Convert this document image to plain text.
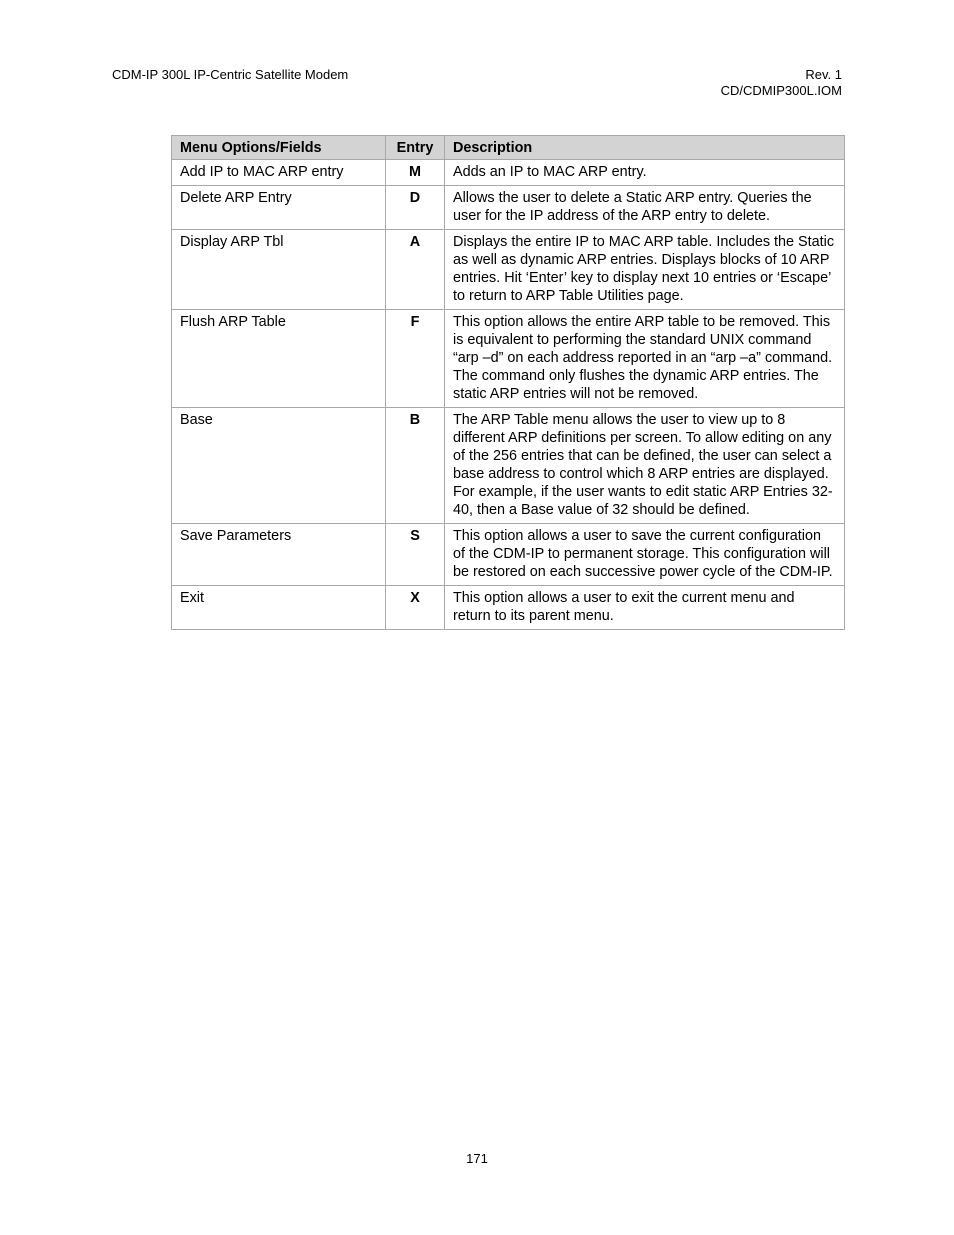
CDM-IP 300L IP-Centric Satellite Modem	Rev. 1
CD/CDMIP300L.IOM
Menu Options/Fields	Entry	Description
Add IP to MAC ARP entry	M	Adds an IP to MAC ARP entry.
Delete ARP Entry	D	Allows the user to delete a Static ARP entry. Queries the user for the IP address of the ARP entry to delete.
Display ARP Tbl	A	Displays the entire IP to MAC ARP table. Includes the Static as well as dynamic ARP entries. Displays blocks of 10 ARP entries. Hit ‘Enter’ key to display next 10 entries or ‘Escape’ to return to ARP Table Utilities page.
Flush ARP Table	F	This option allows the entire ARP table to be removed. This is equivalent to performing the standard UNIX command “arp –d” on each address reported in an “arp –a” command. The command only flushes the dynamic ARP entries. The static ARP entries will not be removed.
Base	B	The ARP Table menu allows the user to view up to 8 different ARP definitions per screen. To allow editing on any of the 256 entries that can be defined, the user can select a base address to control which 8 ARP entries are displayed. For example, if the user wants to edit static ARP Entries 32-40, then a Base value of 32 should be defined.
Save Parameters	S	This option allows a user to save the current configuration of the CDM-IP to permanent storage. This configuration will be restored on each successive power cycle of the CDM-IP.
Exit	X	This option allows a user to exit the current menu and return to its parent menu.
171
